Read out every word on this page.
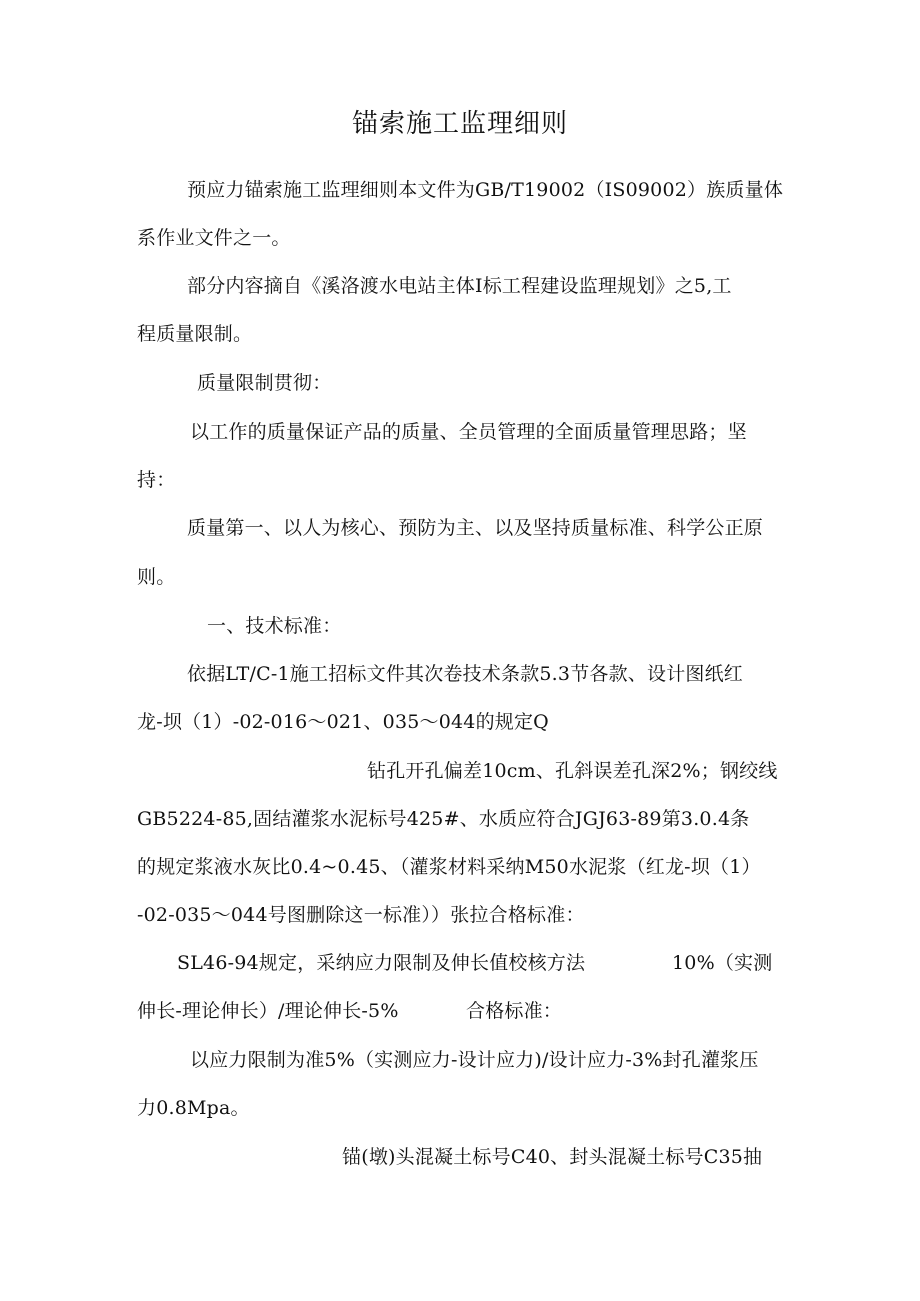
锚索施工监理细则
预应力锚索施工监理细则本文件为GB/T19002（IS09002）族质量体
系作业文件之一。
部分内容摘自《溪洛渡水电站主体Ⅰ标工程建设监理规划》之5,工
程质量限制。
质量限制贯彻：
以工作的质量保证产品的质量、全员管理的全面质量管理思路；坚
持：
质量第一、以人为核心、预防为主、以及坚持质量标准、科学公正原
则。
一、技术标准：
依据LT/C-1施工招标文件其次卷技术条款5.3节各款、设计图纸红
龙-坝（1）-02-016～021、035～044的规定Q
钻孔开孔偏差10cm、孔斜误差孔深2%；钢绞线
GB5224-85,固结灌浆水泥标号425#、水质应符合JGJ63-89第3.0.4条
的规定浆液水灰比0.4~0.45、（灌浆材料采纳M50水泥浆（红龙-坝（1）
-02-035～044号图删除这一标准））张拉合格标准：
SL46-94规定，采纳应力限制及伸长值校核方法	10%（实测
伸长-理论伸长）/理论伸长-5%	合格标准：
以应力限制为准5%（实测应力-设计应力)/设计应力-3%封孔灌浆压
力0.8Mpa。
锚(墩)头混凝土标号C40、封头混凝土标号C35抽
